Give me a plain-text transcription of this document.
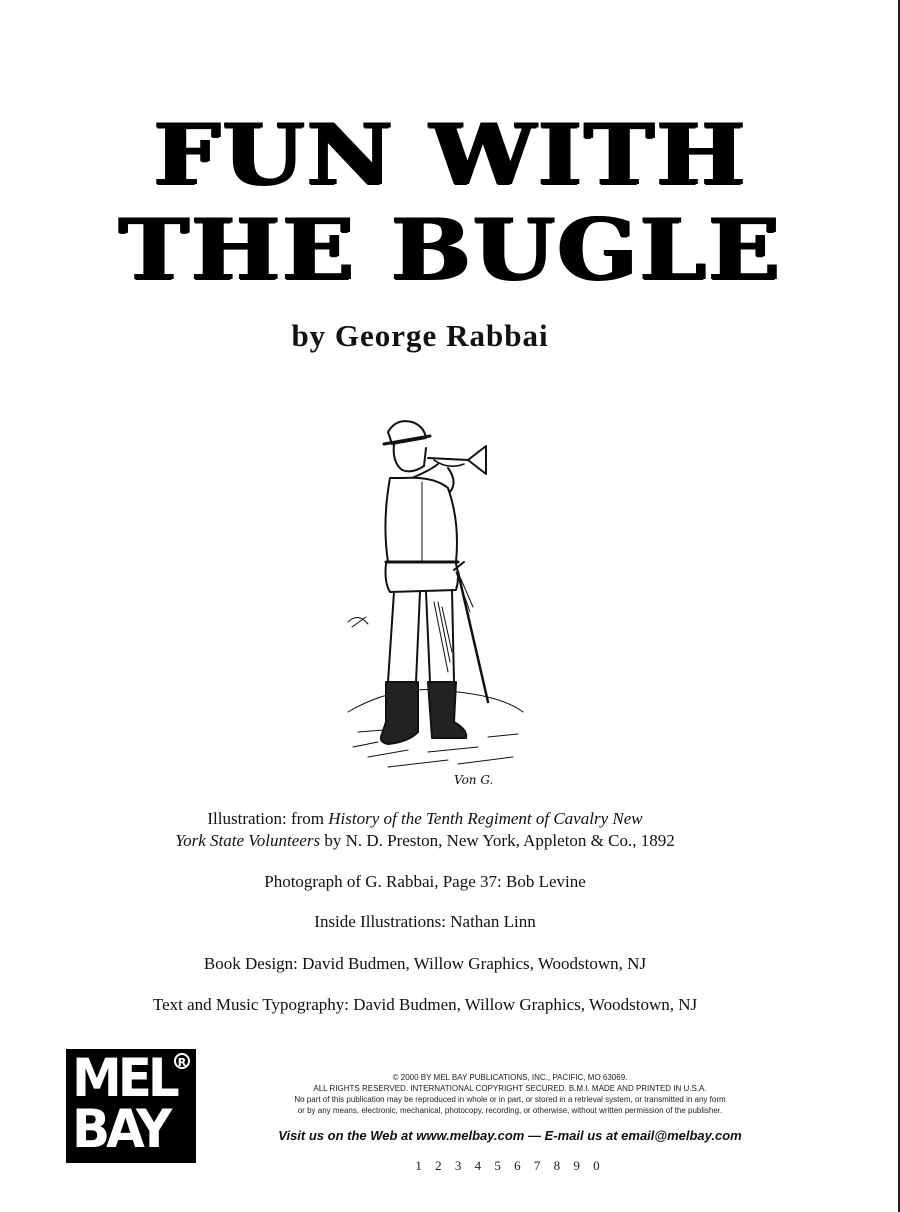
FUN WITH
THE BUGLE
by George Rabbai
Von G.
Illustration: from History of the Tenth Regiment of Cavalry New
York State Volunteers by N. D. Preston, New York, Appleton & Co., 1892
Photograph of G. Rabbai, Page 37: Bob Levine
Inside Illustrations: Nathan Linn
Book Design: David Budmen, Willow Graphics, Woodstown, NJ
Text and Music Typography: David Budmen, Willow Graphics, Woodstown, NJ
MEL
BAY
R
© 2000 BY MEL BAY PUBLICATIONS, INC., PACIFIC, MO 63069.
ALL RIGHTS RESERVED. INTERNATIONAL COPYRIGHT SECURED. B.M.I. MADE AND PRINTED IN U.S.A.
No part of this publication may be reproduced in whole or in part, or stored in a retrieval system, or transmitted in any form
or by any means, electronic, mechanical, photocopy, recording, or otherwise, without written permission of the publisher.
Visit us on the Web at www.melbay.com — E-mail us at email@melbay.com
1 2 3 4 5 6 7 8 9 0
